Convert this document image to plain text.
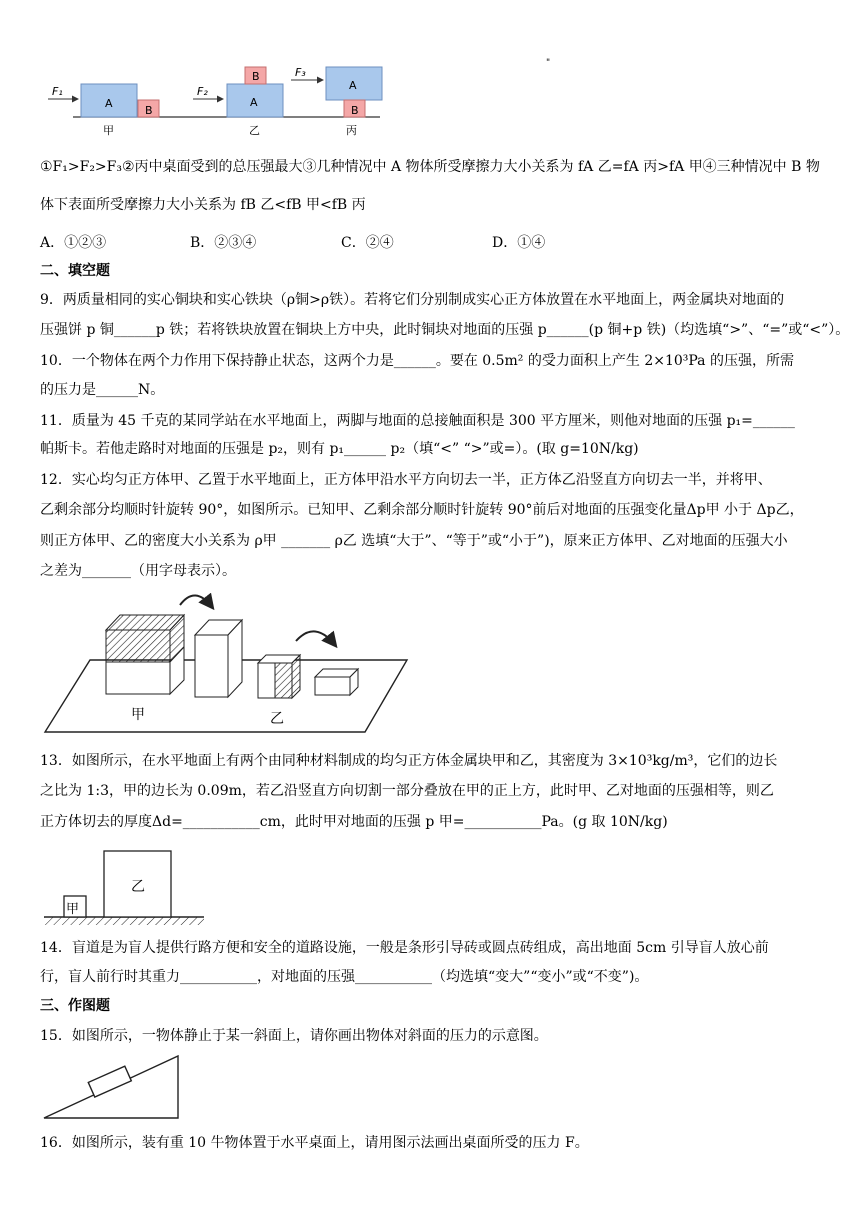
F₁	F₂
F₃
A
B
B
A
A
B
甲	乙	丙
"
①F₁>F₂>F₃②丙中桌面受到的总压强最大③几种情况中 A 物体所受摩擦力大小关系为 fA 乙=fA 丙>fA 甲④三种情况中 B 物
体下表面所受摩擦力大小关系为 fB 乙<fB 甲<fB 丙
A．①②③	B．②③④	C．②④	D．①④
二、填空题
9．两质量相同的实心铜块和实心铁块（ρ铜>ρ铁）。若将它们分别制成实心正方体放置在水平地面上，两金属块对地面的
压强饼 p 铜______p 铁；若将铁块放置在铜块上方中央，此时铜块对地面的压强 p______(p 铜+p 铁)（均选填“>”、“=”或“<”）。
10．一个物体在两个力作用下保持静止状态，这两个力是______。要在 0.5m² 的受力面积上产生 2×10³Pa 的压强，所需
的压力是______N。
11．质量为 45 千克的某同学站在水平地面上，两脚与地面的总接触面积是 300 平方厘米，则他对地面的压强 p₁=______
帕斯卡。若他走路时对地面的压强是 p₂，则有 p₁______ p₂（填“<” “>”或=）。(取 g=10N/kg)
12．实心均匀正方体甲、乙置于水平地面上，正方体甲沿水平方向切去一半，正方体乙沿竖直方向切去一半，并将甲、
乙剩余部分均顺时针旋转 90°，如图所示。已知甲、乙剩余部分顺时针旋转 90°前后对地面的压强变化量Δp甲 小于 Δp乙，
则正方体甲、乙的密度大小关系为 ρ甲 _______ ρ乙 选填“大于”、“等于”或“小于”)，原来正方体甲、乙对地面的压强大小
之差为_______（用字母表示）。
甲	乙
13．如图所示，在水平地面上有两个由同种材料制成的均匀正方体金属块甲和乙，其密度为 3×10³kg/m³，它们的边长
之比为 1:3，甲的边长为 0.09m，若乙沿竖直方向切割一部分叠放在甲的正上方，此时甲、乙对地面的压强相等，则乙
正方体切去的厚度Δd=___________cm，此时甲对地面的压强 p 甲=___________Pa。(g 取 10N/kg)
甲
乙
14．盲道是为盲人提供行路方便和安全的道路设施，一般是条形引导砖或圆点砖组成，高出地面 5cm 引导盲人放心前
行，盲人前行时其重力___________，对地面的压强___________（均选填“变大”“变小”或“不变”)。
三、作图题
15．如图所示，一物体静止于某一斜面上，请你画出物体对斜面的压力的示意图。
16．如图所示，装有重 10 牛物体置于水平桌面上，请用图示法画出桌面所受的压力 F。
